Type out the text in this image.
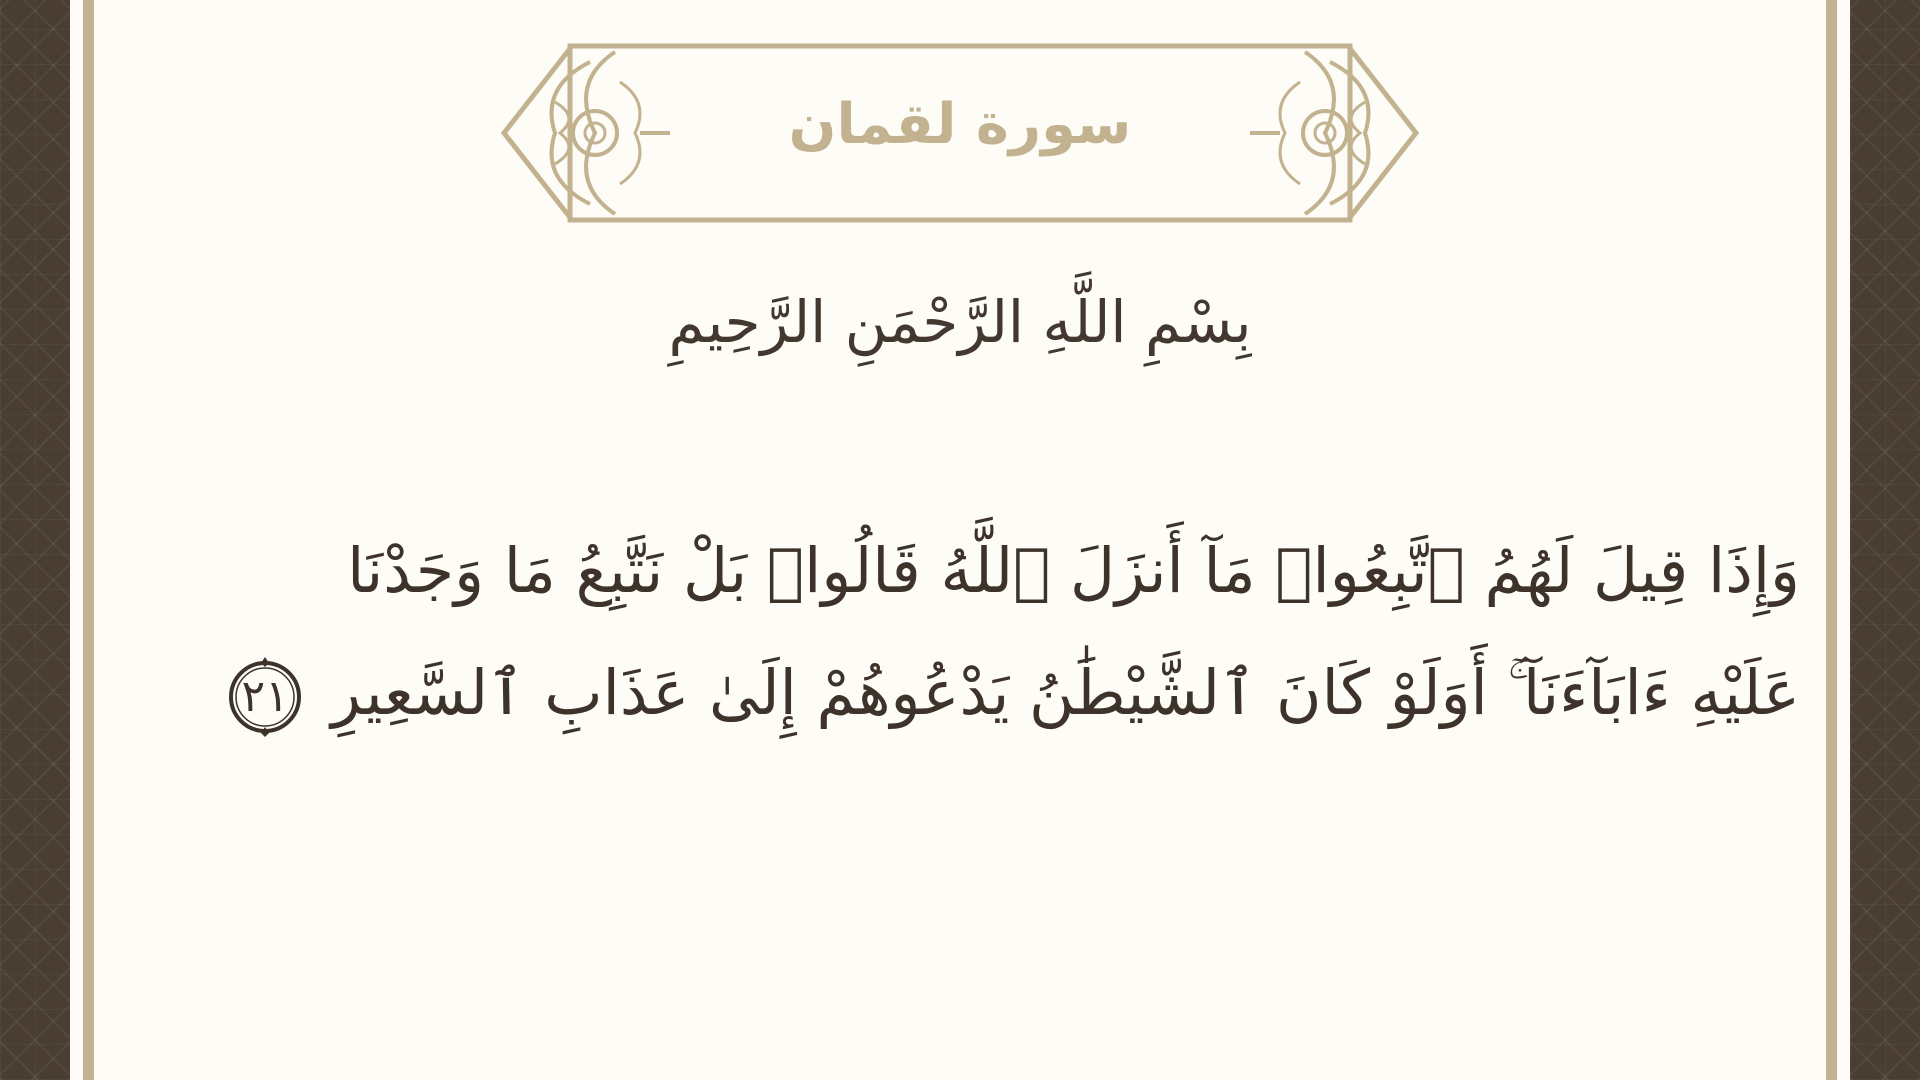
سورة لقمان
بِسْمِ اللَّهِ الرَّحْمَنِ الرَّحِيمِ
وَإِذَا قِيلَ لَهُمُ ٱتَّبِعُوا۟ مَآ أَنزَلَ ٱللَّهُ قَالُوا۟ بَلْ نَتَّبِعُ مَا وَجَدْنَا
عَلَيْهِ ءَابَآءَنَآ ۚ أَوَلَوْ كَانَ ٱلشَّيْطَٰنُ يَدْعُوهُمْ إِلَىٰ عَذَابِ ٱلسَّعِيرِ
٢١
